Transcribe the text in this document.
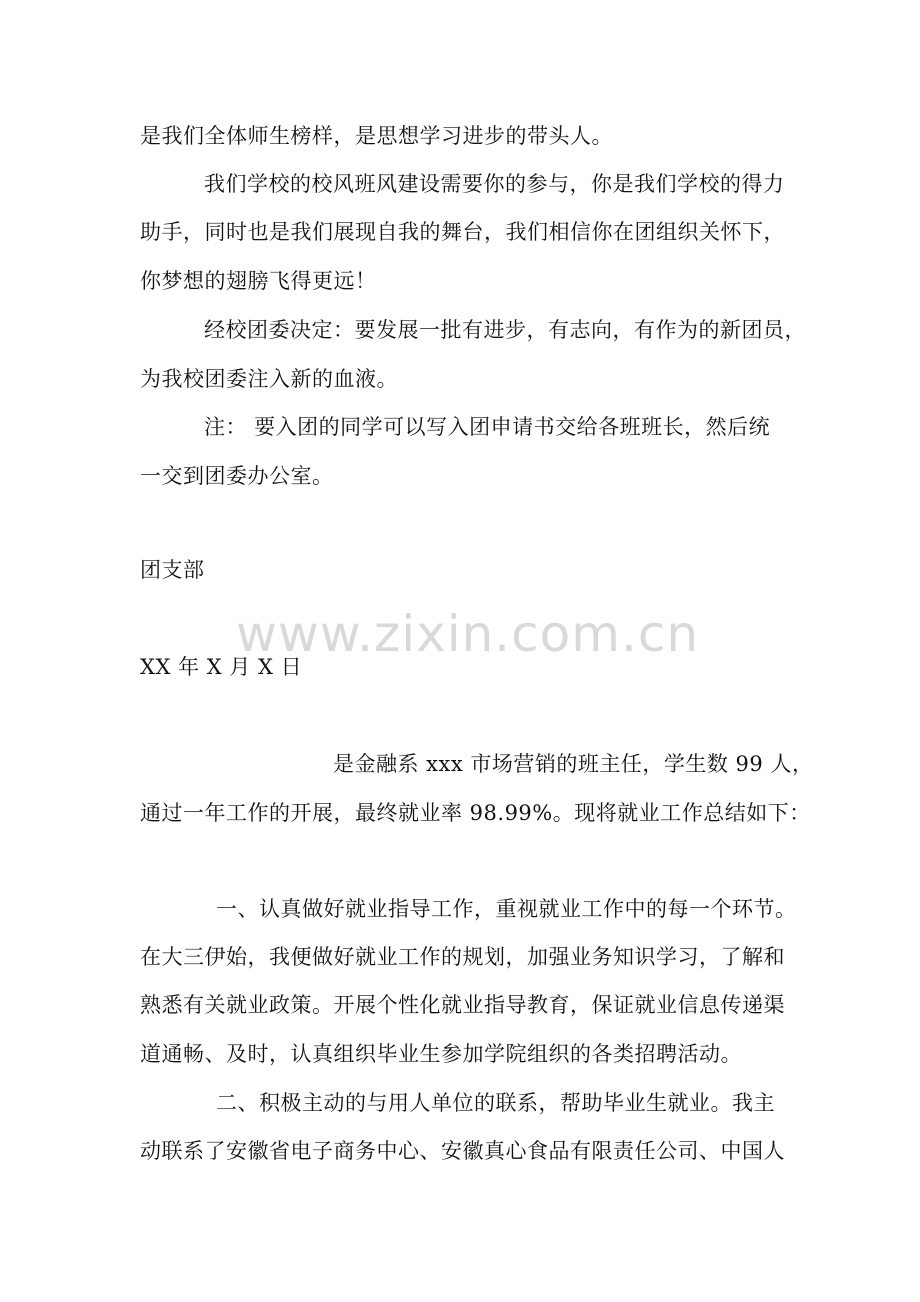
是我们全体师生榜样，是思想学习进步的带头人。
我们学校的校风班风建设需要你的参与，你是我们学校的得力
助手，同时也是我们展现自我的舞台，我们相信你在团组织关怀下，
你梦想的翅膀飞得更远！
经校团委决定：要发展一批有进步，有志向，有作为的新团员，
为我校团委注入新的血液。
注： 要入团的同学可以写入团申请书交给各班班长，然后统
一交到团委办公室。
团支部
www.zixin.com.cn
XX 年 X 月 X 日
是金融系 xxx 市场营销的班主任，学生数 99 人，
通过一年工作的开展，最终就业率 98.99%。现将就业工作总结如下：
一、认真做好就业指导工作，重视就业工作中的每一个环节。
在大三伊始，我便做好就业工作的规划，加强业务知识学习，了解和
熟悉有关就业政策。开展个性化就业指导教育，保证就业信息传递渠
道通畅、及时，认真组织毕业生参加学院组织的各类招聘活动。
二、积极主动的与用人单位的联系，帮助毕业生就业。我主
动联系了安徽省电子商务中心、安徽真心食品有限责任公司、中国人
